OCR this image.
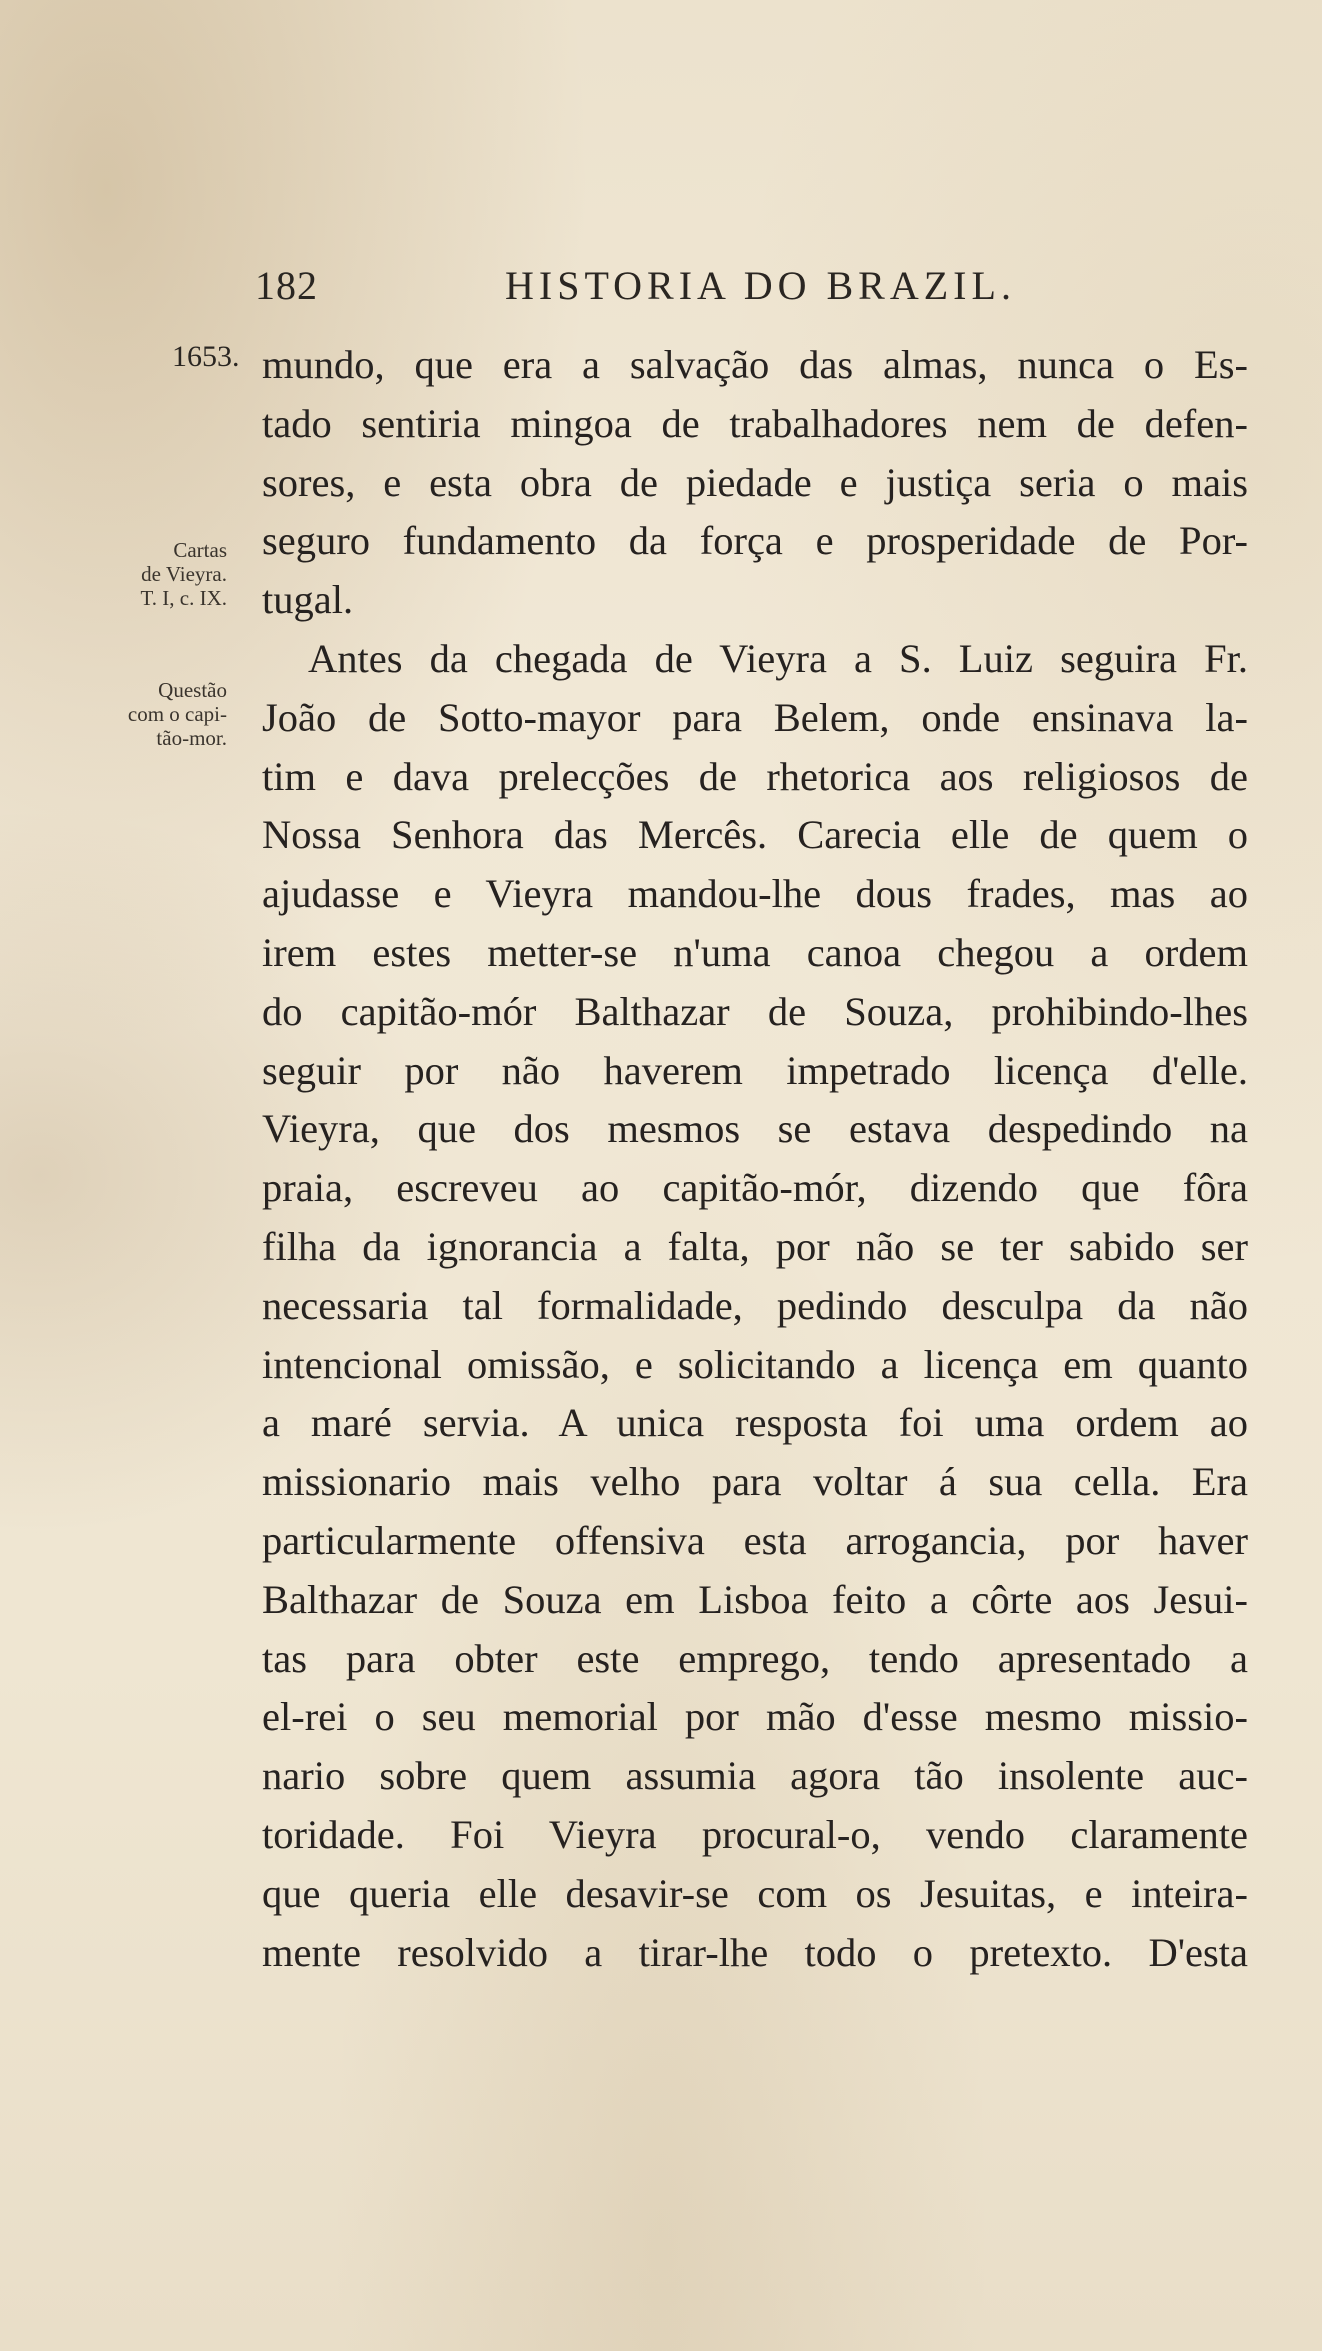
182	HISTORIA DO BRAZIL.
1653.
Cartas
de Vieyra.
T. I, c. IX.
Questão
com o capi-
tão-mor.
mundo, que era a salvação das almas, nunca o Es-
tado sentiria mingoa de trabalhadores nem de defen-
sores, e esta obra de piedade e justiça seria o mais
seguro fundamento da força e prosperidade de Por-
tugal.
Antes da chegada de Vieyra a S. Luiz seguira Fr.
João de Sotto-mayor para Belem, onde ensinava la-
tim e dava prelecções de rhetorica aos religiosos de
Nossa Senhora das Mercês. Carecia elle de quem o
ajudasse e Vieyra mandou-lhe dous frades, mas ao
irem estes metter-se n'uma canoa chegou a ordem
do capitão-mór Balthazar de Souza, prohibindo-lhes
seguir por não haverem impetrado licença d'elle.
Vieyra, que dos mesmos se estava despedindo na
praia, escreveu ao capitão-mór, dizendo que fôra
filha da ignorancia a falta, por não se ter sabido ser
necessaria tal formalidade, pedindo desculpa da não
intencional omissão, e solicitando a licença em quanto
a maré servia. A unica resposta foi uma ordem ao
missionario mais velho para voltar á sua cella. Era
particularmente offensiva esta arrogancia, por haver
Balthazar de Souza em Lisboa feito a côrte aos Jesui-
tas para obter este emprego, tendo apresentado a
el-rei o seu memorial por mão d'esse mesmo missio-
nario sobre quem assumia agora tão insolente auc-
toridade. Foi Vieyra procural-o, vendo claramente
que queria elle desavir-se com os Jesuitas, e inteira-
mente resolvido a tirar-lhe todo o pretexto. D'esta
